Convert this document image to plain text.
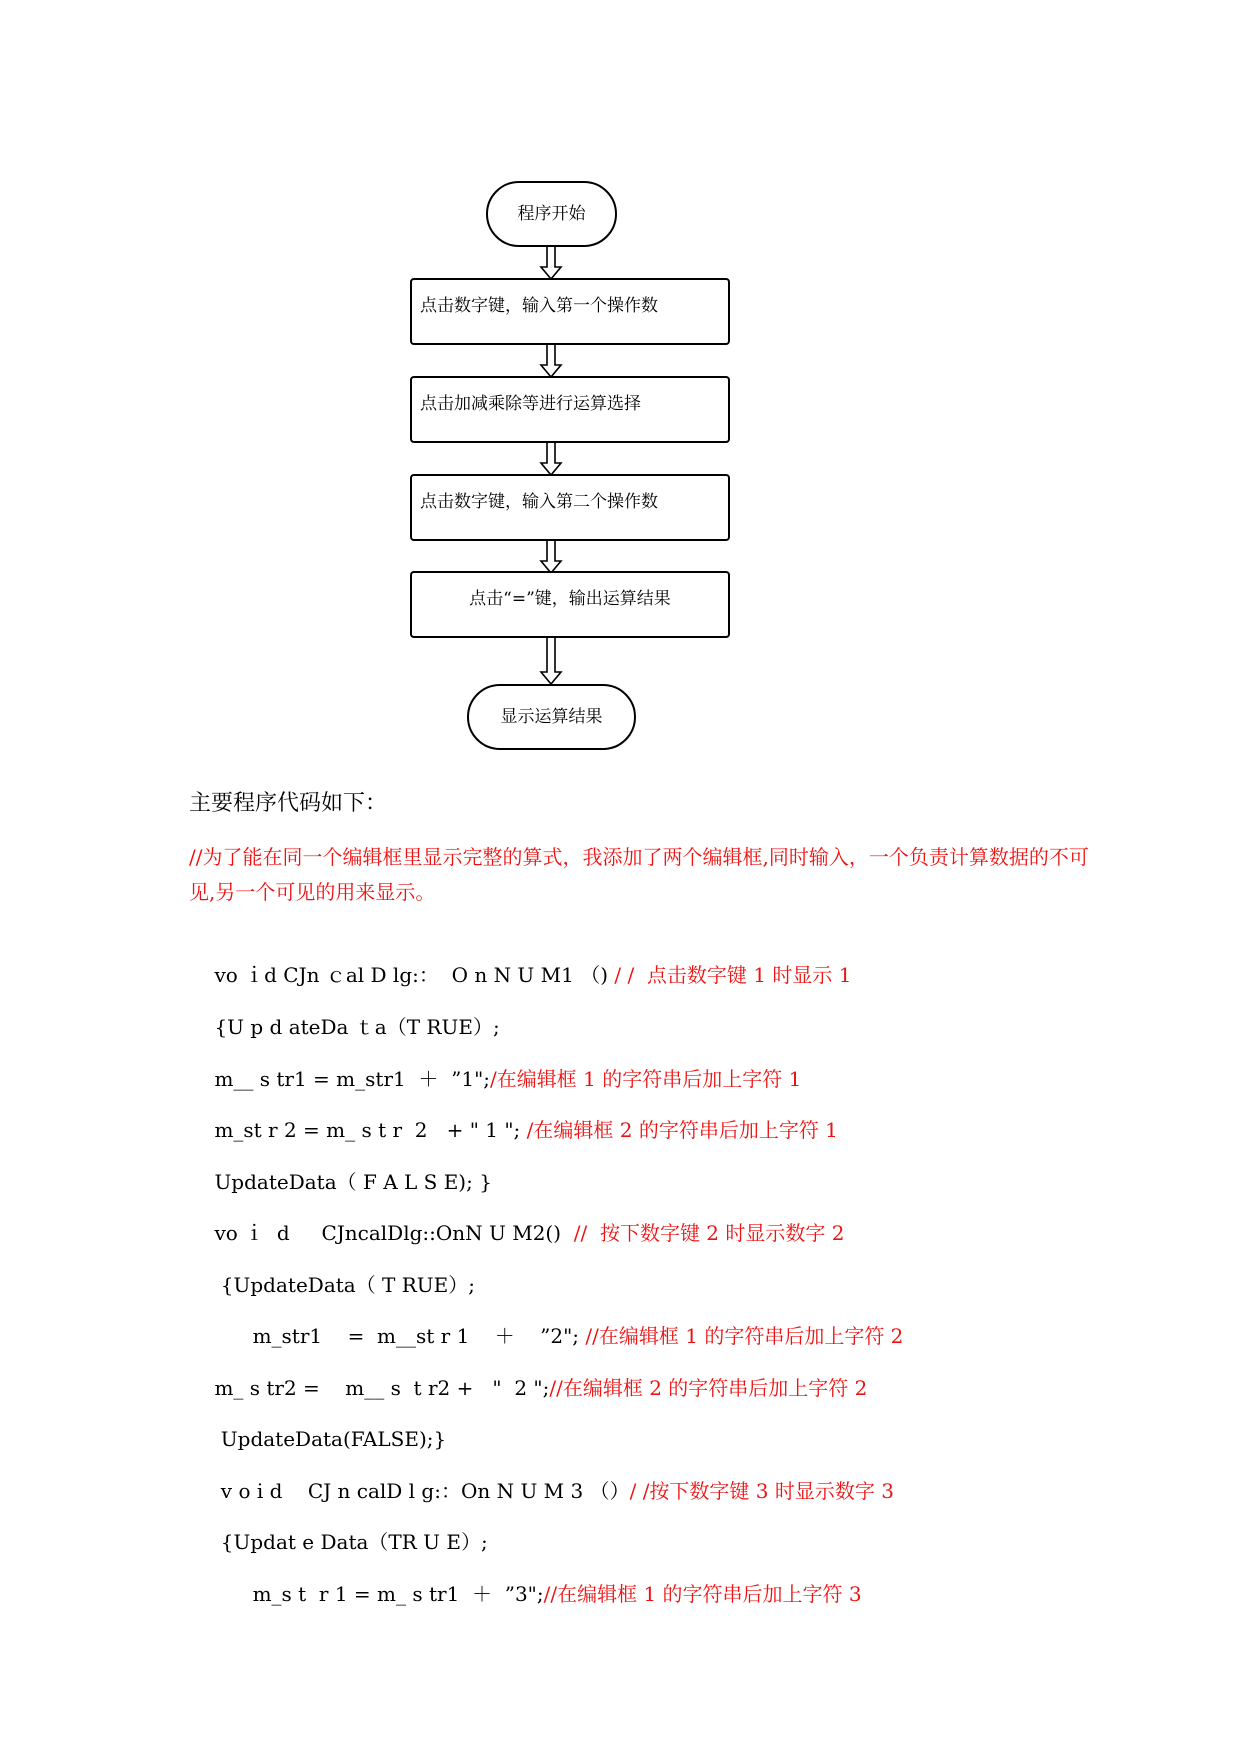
程序开始
点击数字键，输入第一个操作数
点击加减乘除等进行运算选择
点击数字键，输入第二个操作数
点击“=”键，输出运算结果
显示运算结果
主要程序代码如下：
//为了能在同一个编辑框里显示完整的算式，我添加了两个编辑框,同时输入，一个负责计算数据的不可见,另一个可见的用来显示。

vo ｉd CJn ｃal D lg:：  O n N U M1 （) / /  点击数字键 1 时显示 1

{U p d ateDa ｔa（T RUE）;

m__ s tr1 = m_str1  ＋  ”1";/在编辑框 1 的字符串后加上字符 1

m_st r 2 = m_ s t r  2   + " 1 "; /在编辑框 2 的字符串后加上字符 1

UpdateData（ F A L S E); }

vo ｉ  d     CJncalDlg::OnN U M2()  //  按下数字键 2 时显示数字 2

{UpdateData（ T RUE）;

m_str1    =  m__st r 1    ＋    ”2"; //在编辑框 1 的字符串后加上字符 2

m_ s tr2 =    m__ s  t r2 +   "  2 ";//在编辑框 2 的字符串后加上字符 2

UpdateData(FALSE);}

v o i d    CJ n calD l g:：On N U M 3 （）/ /按下数字键 3 时显示数字 3

{Updat e Data（TR U E）;

m_s t  r 1 = m_ s tr1  ＋  ”3";//在编辑框 1 的字符串后加上字符 3
